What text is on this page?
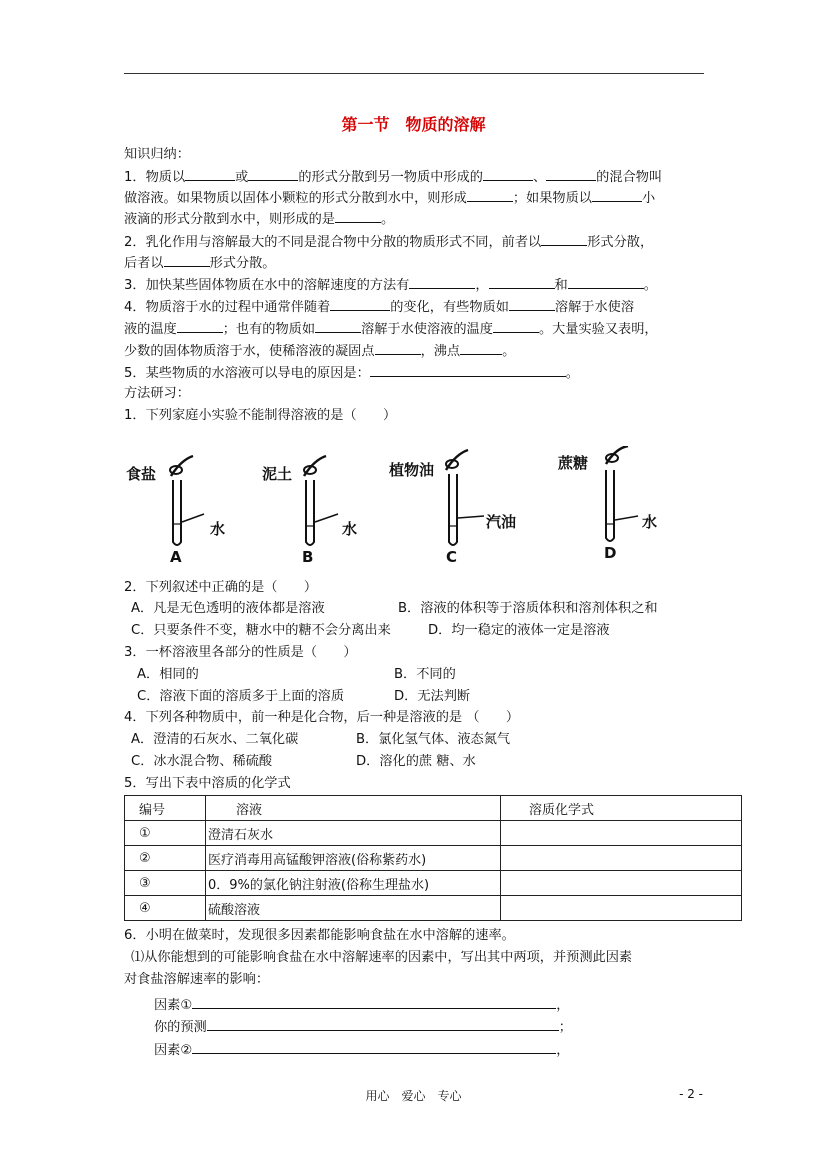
第一节　物质的溶解
知识归纳：
1．物质以	或	的形式分散到另一物质中形成的	、	的混合物叫
做溶液。如果物质以固体小颗粒的形式分散到水中，则形成	；如果物质以	小
液滴的形式分散到水中，则形成的是	。
2．乳化作用与溶解最大的不同是混合物中分散的物质形式不同，前者以	形式分散，
后者以	形式分散。
3．加快某些固体物质在水中的溶解速度的方法有	，	和	。
4．物质溶于水的过程中通常伴随着	的变化，有些物质如	溶解于水使溶
液的温度	；也有的物质如	溶解于水使溶液的温度	。大量实验又表明，
少数的固体物质溶于水，使稀溶液的凝固点	，沸点	。
5．某些物质的水溶液可以导电的原因是：	。
方法研习：
1．下列家庭小实验不能制得溶液的是（　　）
食盐
水
A
泥土
水
B
植物油
汽油
C
蔗糖
水
D
2．下列叙述中正确的是（　　）
A．凡是无色透明的液体都是溶液	B．溶液的体积等于溶质体积和溶剂体积之和
C．只要条件不变，糖水中的糖不会分离出来	D．均一稳定的液体一定是溶液
3．一杯溶液里各部分的性质是（　　）
A．相同的	B．不同的
C．溶液下面的溶质多于上面的溶质	D．无法判断
4．下列各种物质中，前一种是化合物，后一种是溶液的是 （　　）
A．澄清的石灰水、二氧化碳	B．氯化氢气体、液态氮气
C．冰水混合物、稀硫酸	D．溶化的蔗 糖、水
5．写出下表中溶质的化学式
编号	溶液	溶质化学式
①	澄清石灰水	
②	医疗消毒用高锰酸钾溶液(俗称紫药水)	
③	0．9%的氯化钠注射液(俗称生理盐水)	
④	硫酸溶液	
6．小明在做菜时，发现很多因素都能影响食盐在水中溶解的速率。
⑴从你能想到的可能影响食盐在水中溶解速率的因素中，写出其中两项，并预测此因素
对食盐溶解速率的影响：
因素①	，
你的预测	；
因素②	，
用心　爱心　专心	- 2 -
